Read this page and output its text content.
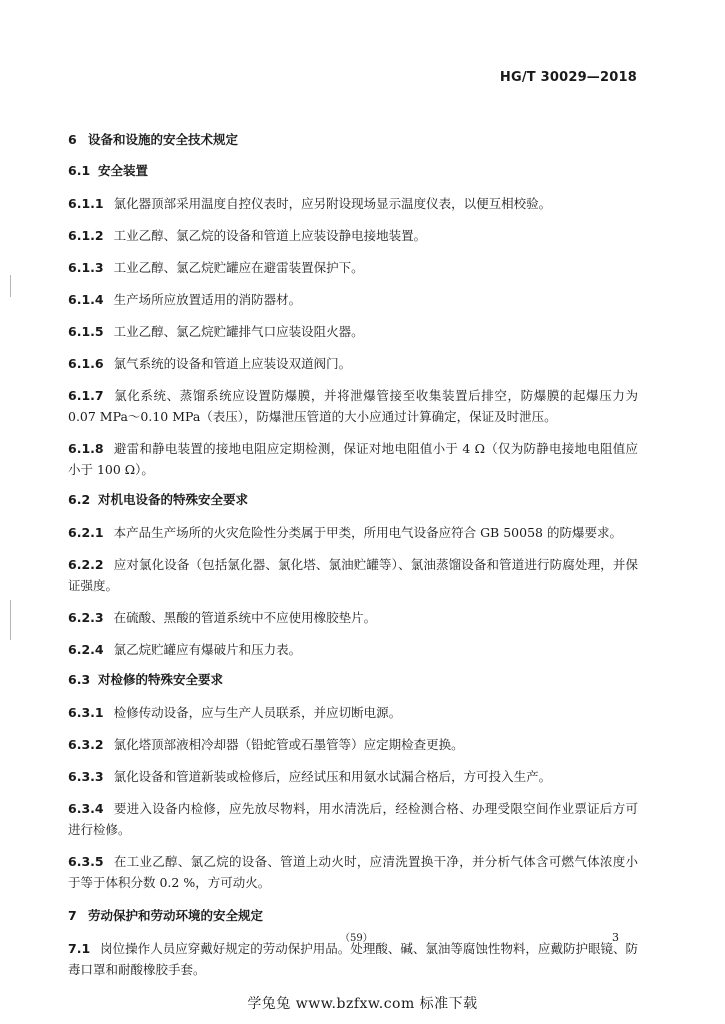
HG/T 30029—2018
6 设备和设施的安全技术规定
6.1 安全装置
6.1.1 氯化器顶部采用温度自控仪表时，应另附设现场显示温度仪表，以便互相校验。
6.1.2 工业乙醇、氯乙烷的设备和管道上应装设静电接地装置。
6.1.3 工业乙醇、氯乙烷贮罐应在避雷装置保护下。
6.1.4 生产场所应放置适用的消防器材。
6.1.5 工业乙醇、氯乙烷贮罐排气口应装设阻火器。
6.1.6 氯气系统的设备和管道上应装设双道阀门。
6.1.7 氯化系统、蒸馏系统应设置防爆膜，并将泄爆管接至收集装置后排空，防爆膜的起爆压力为0.07 MPa～0.10 MPa（表压），防爆泄压管道的大小应通过计算确定，保证及时泄压。
6.1.8 避雷和静电装置的接地电阻应定期检测，保证对地电阻值小于 4 Ω（仅为防静电接地电阻值应小于 100 Ω）。
6.2 对机电设备的特殊安全要求
6.2.1 本产品生产场所的火灾危险性分类属于甲类，所用电气设备应符合 GB 50058 的防爆要求。
6.2.2 应对氯化设备（包括氯化器、氯化塔、氯油贮罐等）、氯油蒸馏设备和管道进行防腐处理，并保证强度。
6.2.3 在硫酸、黑酸的管道系统中不应使用橡胶垫片。
6.2.4 氯乙烷贮罐应有爆破片和压力表。
6.3 对检修的特殊安全要求
6.3.1 检修传动设备，应与生产人员联系，并应切断电源。
6.3.2 氯化塔顶部液相冷却器（铅蛇管或石墨管等）应定期检查更换。
6.3.3 氯化设备和管道新装或检修后，应经试压和用氨水试漏合格后，方可投入生产。
6.3.4 要进入设备内检修，应先放尽物料，用水清洗后，经检测合格、办理受限空间作业票证后方可进行检修。
6.3.5 在工业乙醇、氯乙烷的设备、管道上动火时，应清洗置换干净，并分析气体含可燃气体浓度小于等于体积分数 0.2 %，方可动火。
7 劳动保护和劳动环境的安全规定
7.1 岗位操作人员应穿戴好规定的劳动保护用品。处理酸、碱、氯油等腐蚀性物料，应戴防护眼镜、防毒口罩和耐酸橡胶手套。
（59）	3
学兔兔 www.bzfxw.com 标准下载
